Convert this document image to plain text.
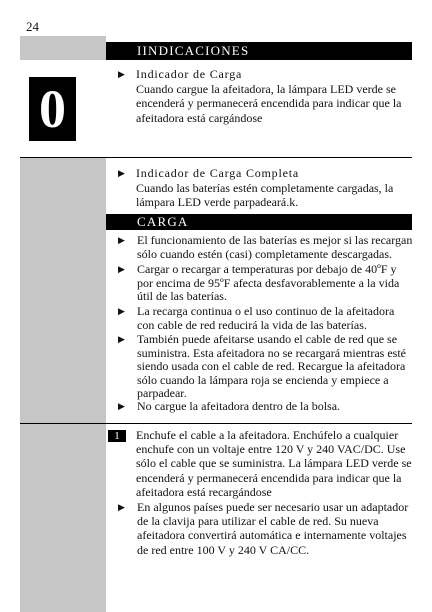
24
0
IINDICACIONES
▶ Indicador de Carga
Cuando cargue la afeitadora, la lámpara LED verde se encenderá y permanecerá encendida para indicar que la afeitadora está cargándose
▶ Indicador de Carga Completa
Cuando las baterías estén completamente cargadas, la lámpara LED verde parpadeará.k.
CARGA
▶ El funcionamiento de las baterías es mejor si las recargan sólo cuando estén (casi) completamente descargadas.
▶ Cargar o recargar a temperaturas por debajo de 40ºF y por encima de 95ºF afecta desfavorablemente a la vida útil de las baterías.
▶ La recarga continua o el uso continuo de la afeitadora con cable de red reducirá la vida de las baterías.
▶ También puede afeitarse usando el cable de red que se suministra. Esta afeitadora no se recargará mientras esté siendo usada con el cable de red. Recargue la afeitadora sólo cuando la lámpara roja se encienda y empiece a parpadear.
▶ No cargue la afeitadora dentro de la bolsa.
1	Enchufe el cable a la afeitadora. Enchúfelo a cualquier enchufe con un voltaje entre 120 V y 240 VAC/DC. Use sólo el cable que se suministra. La lámpara LED verde se encenderá y permanecerá encendida para indicar que la afeitadora está recargándose
▶ En algunos países puede ser necesario usar un adaptador de la clavija para utilizar el cable de red. Su nueva afeitadora convertirá automática e internamente voltajes de red entre 100 V y 240 V CA/CC.
